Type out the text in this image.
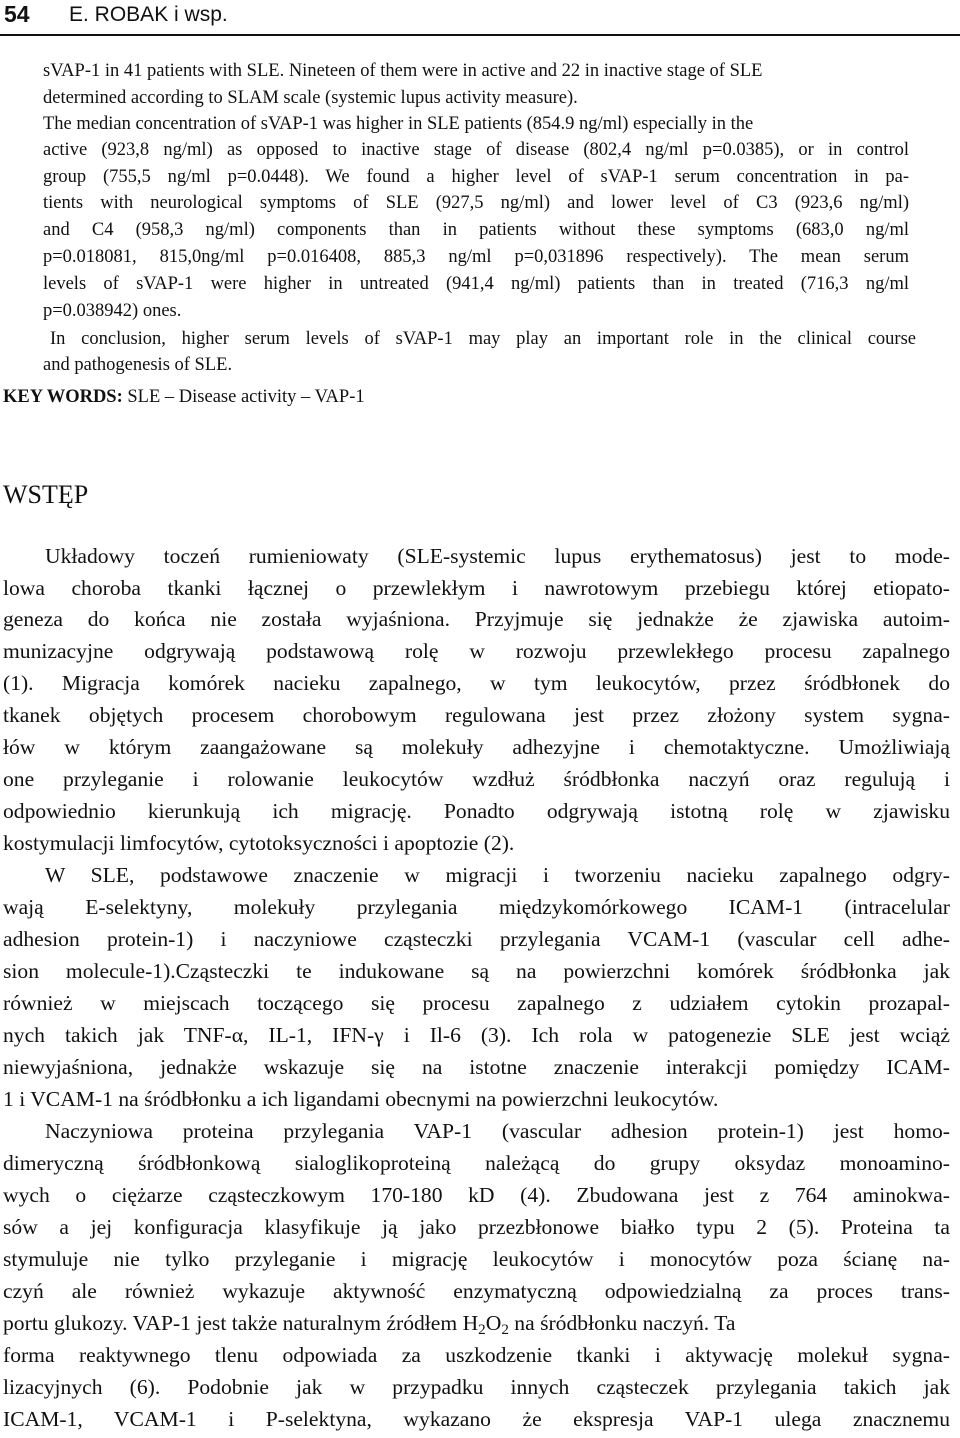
54 E. ROBAK i wsp.
sVAP-1 in 41 patients with SLE. Nineteen of them were in active and 22 in inactive stage of SLE
determined according to SLAM scale (systemic lupus activity measure).
The median concentration of sVAP-1 was higher in SLE patients (854.9 ng/ml) especially in the
active (923,8 ng/ml) as opposed to inactive stage of disease (802,4 ng/ml p=0.0385), or in control
group (755,5 ng/ml p=0.0448). We found a higher level of sVAP-1 serum concentration in pa-
tients with neurological symptoms of SLE (927,5 ng/ml) and lower level of C3 (923,6 ng/ml)
and C4 (958,3 ng/ml) components than in patients without these symptoms (683,0 ng/ml
p=0.018081, 815,0ng/ml p=0.016408, 885,3 ng/ml p=0,031896 respectively). The mean serum
levels of sVAP-1 were higher in untreated (941,4 ng/ml) patients than in treated (716,3 ng/ml
p=0.038942) ones.
In conclusion, higher serum levels of sVAP-1 may play an important role in the clinical course
and pathogenesis of SLE.
KEY WORDS: SLE – Disease activity – VAP-1
WSTĘP
Układowy toczeń rumieniowaty (SLE-systemic lupus erythematosus) jest to mode-
lowa choroba tkanki łącznej o przewlekłym i nawrotowym przebiegu której etiopato-
geneza do końca nie została wyjaśniona. Przyjmuje się jednakże że zjawiska autoim-
munizacyjne odgrywają podstawową rolę w rozwoju przewlekłego procesu zapalnego
(1). Migracja komórek nacieku zapalnego, w tym leukocytów, przez śródbłonek do
tkanek objętych procesem chorobowym regulowana jest przez złożony system sygna-
łów w którym zaangażowane są molekuły adhezyjne i chemotaktyczne. Umożliwiają
one przyleganie i rolowanie leukocytów wzdłuż śródbłonka naczyń oraz regulują i
odpowiednio kierunkują ich migrację. Ponadto odgrywają istotną rolę w zjawisku
kostymulacji limfocytów, cytotoksyczności i apoptozie (2).
W SLE, podstawowe znaczenie w migracji i tworzeniu nacieku zapalnego odgry-
wają E-selektyny, molekuły przylegania międzykomórkowego ICAM-1 (intracelular
adhesion protein-1) i naczyniowe cząsteczki przylegania VCAM-1 (vascular cell adhe-
sion molecule-1).Cząsteczki te indukowane są na powierzchni komórek śródbłonka jak
również w miejscach toczącego się procesu zapalnego z udziałem cytokin prozapal-
nych takich jak TNF-α, IL-1, IFN-γ i Il-6 (3). Ich rola w patogenezie SLE jest wciąż
niewyjaśniona, jednakże wskazuje się na istotne znaczenie interakcji pomiędzy ICAM-
1 i VCAM-1 na śródbłonku a ich ligandami obecnymi na powierzchni leukocytów.
Naczyniowa proteina przylegania VAP-1 (vascular adhesion protein-1) jest homo-
dimeryczną śródbłonkową sialoglikoproteiną należącą do grupy oksydaz monoamino-
wych o ciężarze cząsteczkowym 170-180 kD (4). Zbudowana jest z 764 aminokwa-
sów a jej konfiguracja klasyfikuje ją jako przezbłonowe białko typu 2 (5). Proteina ta
stymuluje nie tylko przyleganie i migrację leukocytów i monocytów poza ścianę na-
czyń ale również wykazuje aktywność enzymatyczną odpowiedzialną za proces trans-
portu glukozy. VAP-1 jest także naturalnym źródłem $H_2O_2$ na śródbłonku naczyń. Ta
forma reaktywnego tlenu odpowiada za uszkodzenie tkanki i aktywację molekuł sygna-
lizacyjnych (6). Podobnie jak w przypadku innych cząsteczek przylegania takich jak
ICAM-1, VCAM-1 i P-selektyna, wykazano że ekspresja VAP-1 ulega znacznemu
